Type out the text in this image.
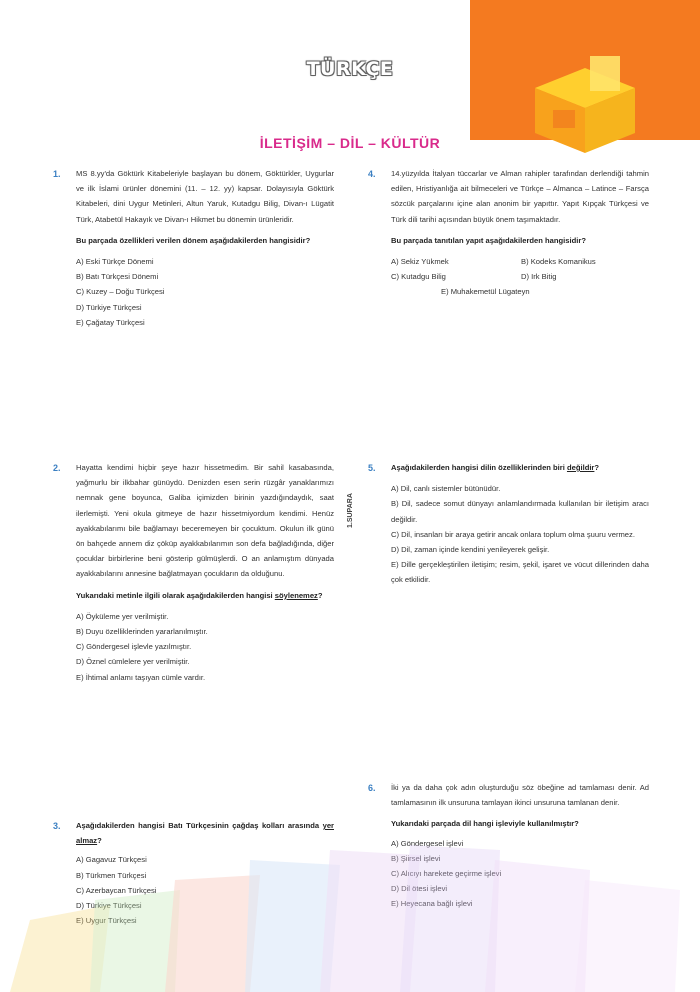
TÜRKÇE
İLETİŞİM – DİL – KÜLTÜR
1. MS 8.yy'da Göktürk Kitabeleriyle başlayan bu dönem, Göktürkler, Uygurlar ve ilk İslami ürünler dönemini (11. – 12. yy) kapsar. Dolayısıyla Göktürk Kitabeleri, dini Uygur Metinleri, Altun Yaruk, Kutadgu Bilig, Divan-ı Lügatit Türk, Atabetül Hakayık ve Divan-ı Hikmet bu dönemin ürünleridir.

Bu parçada özellikleri verilen dönem aşağıdakilerden hangisidir?

A) Eski Türkçe Dönemi
B) Batı Türkçesi Dönemi
C) Kuzey – Doğu Türkçesi
D) Türkiye Türkçesi
E) Çağatay Türkçesi
4. 14.yüzyılda İtalyan tüccarlar ve Alman rahipler tarafından derlendiği tahmin edilen, Hristiyanlığa ait bilmeceleri ve Türkçe – Almanca – Latince – Farsça sözcük parçalarını içine alan anonim bir yapıttır. Yapıt Kıpçak Türkçesi ve Türk dili tarihi açısından büyük önem taşımaktadır.

Bu parçada tanıtılan yapıt aşağıdakilerden hangisidir?

A) Sekiz Yükmek	B) Kodeks Komanikus
C) Kutadgu Bilig	D) Irk Bitig
E) Muhakemetül Lügateyn
2. Hayatta kendimi hiçbir şeye hazır hissetmedim. Bir sahil kasabasında, yağmurlu bir ilkbahar günüydü. Denizden esen serin rüzgâr yanaklarımızı nemnak gene boyunca, Galiba içimizden birinin yazdığındaydık, saat ilerlemişti. Yeni okula gitmeye de hazır hissetmiyordum kendimi. Henüz ayakkabılarımı bile bağlamayı beceremeyen bir çocuktum. Okulun ilk günü ön bahçede annem diz çöküp ayakkabılarımın son defa bağladığında, diğer çocuklar birbirlerine beni gösterip gülmüşlerdi. O an anlamıştım dünyada ayakkabılarını annesine bağlatmayan çocukların da olduğunu.

Yukarıdaki metinle ilgili olarak aşağıdakilerden hangisi söylenemez?

A) Öyküleme yer verilmiştir.
B) Duyu özelliklerinden yararlanılmıştır.
C) Göndergesel işlevle yazılmıştır.
D) Öznel cümlelere yer verilmiştir.
E) İhtimal anlamı taşıyan cümle vardır.
1.SUPARA
5. Aşağıdakilerden hangisi dilin özelliklerinden biri değildir?

A) Dil, canlı sistemler bütünüdür.
B) Dil, sadece somut dünyayı anlamlandırmada kullanılan bir iletişim aracı değildir.
C) Dil, insanları bir araya getirir ancak onlara toplum olma şuuru vermez.
D) Dil, zaman içinde kendini yenileyerek gelişir.
E) Dille gerçekleştirilen iletişim; resim, şekil, işaret ve vücut dillerinden daha çok etkilidir.
6. İki ya da daha çok adın oluşturduğu söz öbeğine ad tamlaması denir. Ad tamlamasının ilk unsuruna tamlayan ikinci unsuruna tamlanan denir.

Yukarıdaki parçada dil hangi işleviyle kullanılmıştır?

A) Göndergesel işlevi
B) Şiirsel işlevi
C) Alıcıyı harekete geçirme işlevi
D) Dil ötesi işlevi
E) Heyecana bağlı işlevi
3. Aşağıdakilerden hangisi Batı Türkçesinin çağdaş kolları arasında yer almaz?

A) Gagavuz Türkçesi
B) Türkmen Türkçesi
C) Azerbaycan Türkçesi
D) Türkiye Türkçesi
E) Uygur Türkçesi
